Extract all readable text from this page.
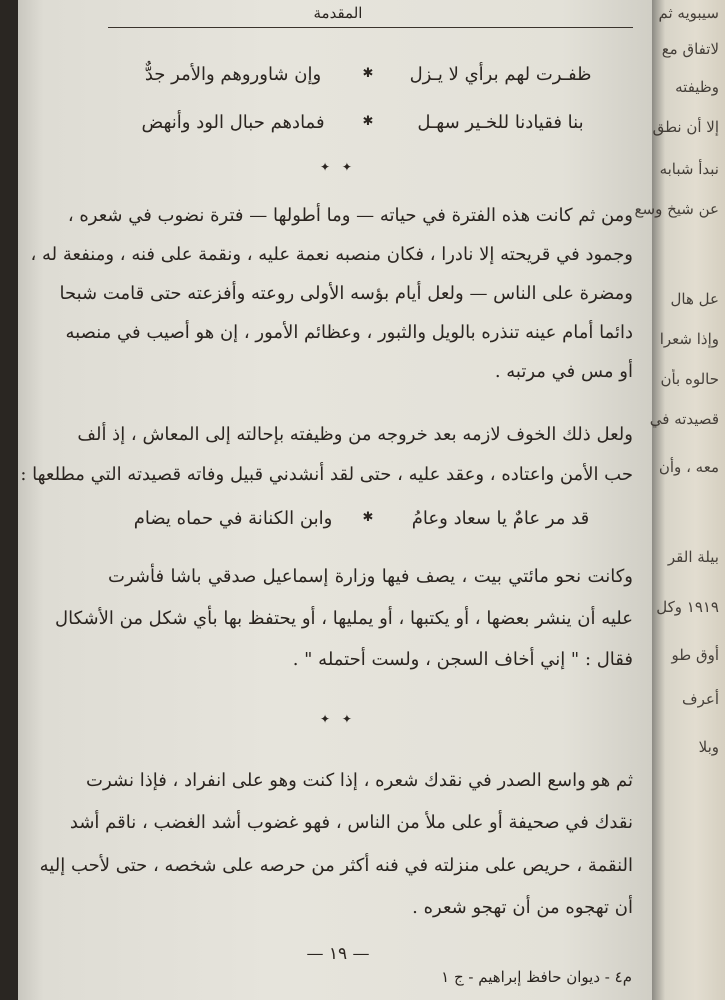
المقدمة
ظفـرت لهم برأي لا يـزل
✱
وإن شاوروهم والأمر جدٌّ
بنا فقيادنا للخـير سهـل
✱
فمادهم حبال الود وأنهض
✦ ✦
ومن ثم كانت هذه الفترة في حياته — وما أطولها — فترة نضوب في شعره ،
وجمود في قريحته إلا نادرا ، فكان منصبه نعمة عليه ، ونقمة على فنه ، ومنفعة له ،
ومضرة على الناس — ولعل أيام بؤسه الأولى روعته وأفزعته حتى قامت شبحا
دائما أمام عينه تنذره بالويل والثبور ، وعظائم الأمور ، إن هو أصيب في منصبه
أو مس في مرتبه .
ولعل ذلك الخوف لازمه بعد خروجه من وظيفته بإحالته إلى المعاش ، إذ ألف
حب الأمن واعتاده ، وعقد عليه ، حتى لقد أنشدني قبيل وفاته قصيدته التي مطلعها :
قد مر عامٌ يا سعاد وعامُ
✱
وابن الكنانة في حماه يضام
وكانت نحو مائتي بيت ، يصف فيها وزارة إسماعيل صدقي باشا فأشرت
عليه أن ينشر بعضها ، أو يكتبها ، أو يمليها ، أو يحتفظ بها بأي شكل من الأشكال
فقال : " إني أخاف السجن ، ولست أحتمله " .
✦ ✦
ثم هو واسع الصدر في نقدك شعره ، إذا كنت وهو على انفراد ، فإذا نشرت
نقدك في صحيفة أو على ملأ من الناس ، فهو غضوب أشد الغضب ، ناقم أشد
النقمة ، حريص على منزلته في فنه أكثر من حرصه على شخصه ، حتى لأحب إليه
أن تهجوه من أن تهجو شعره .
— ١٩ —
م٤ - ديوان حافظ إبراهيم - ج ١
سيبويه ثم
لاتفاق مع
وظيفته
إلا أن نطق
نبدأ شبابه
عن شيخ وسع
عل هال
وإذا شعرا
حالوه بأن
قصيدته في
معه ، وأن
بيلة القر
١٩١٩ وكل
أوق طو
أعرف
وبلا
